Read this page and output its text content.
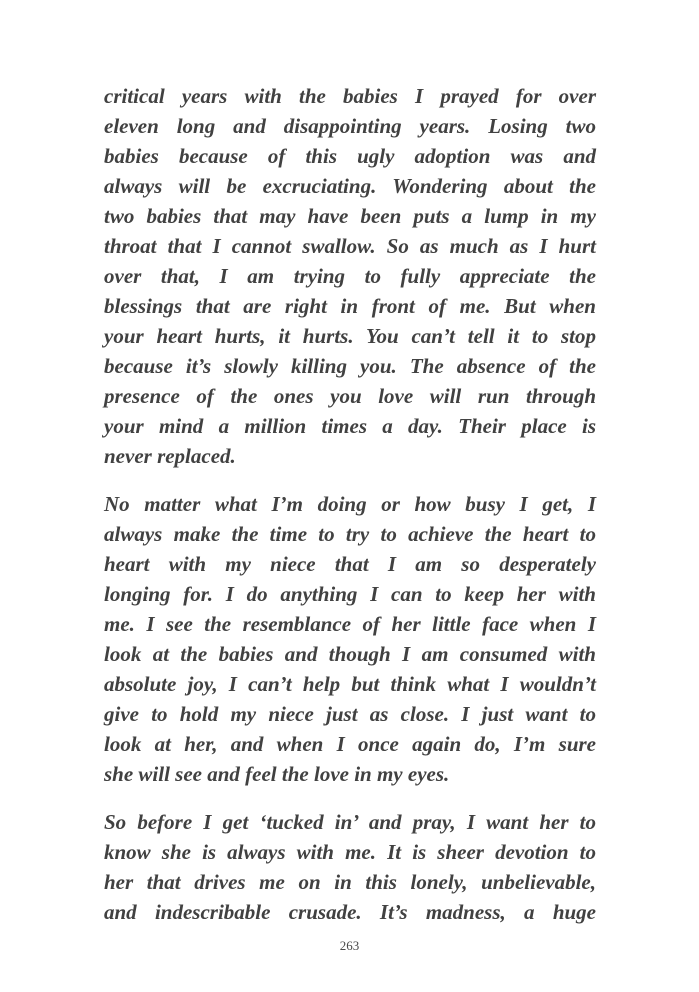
critical years with the babies I prayed for over
eleven long and disappointing years. Losing two
babies because of this ugly adoption was and
always will be excruciating. Wondering about the
two babies that may have been puts a lump in my
throat that I cannot swallow. So as much as I hurt
over that, I am trying to fully appreciate the
blessings that are right in front of me. But when
your heart hurts, it hurts. You can’t tell it to stop
because it’s slowly killing you. The absence of the
presence of the ones you love will run through
your mind a million times a day. Their place is
never replaced.
No matter what I’m doing or how busy I get, I
always make the time to try to achieve the heart to
heart with my niece that I am so desperately
longing for. I do anything I can to keep her with
me. I see the resemblance of her little face when I
look at the babies and though I am consumed with
absolute joy, I can’t help but think what I wouldn’t
give to hold my niece just as close. I just want to
look at her, and when I once again do, I’m sure
she will see and feel the love in my eyes.
So before I get ‘tucked in’ and pray, I want her to
know she is always with me. It is sheer devotion to
her that drives me on in this lonely, unbelievable,
and indescribable crusade. It’s madness, a huge
263
